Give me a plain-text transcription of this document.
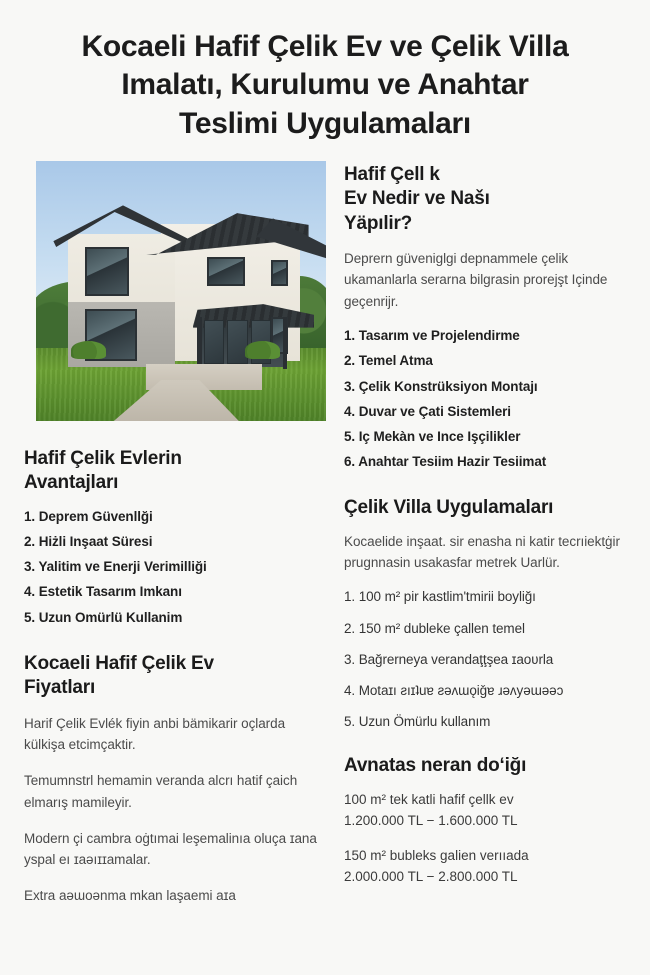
Kocaeli Hafif Çelik Ev ve Çelik Villa
Imalatı, Kurulumu ve Anahtar
Teslimi Uygulamaları
Hafif Çelik Evlerin
Avantajları
Deprem Güvenllği
Hiżli Inşaat Süresi
Yalitim ve Enerji Verimilliği
Estetik Tasarım Imkanı
Uzun Omürlü Kullanim
Kocaeli Hafif Çelik Ev
Fiyatları

Harif Çelik Evlék fiyin anbi bämikarir oçlarda külkişa etcimçaktir.

Temumnstrl hemamin veranda alcrı hatif çaich elmarış mamileyir.

Modern çi cambra oġtımai leşemalinıa oluça ɪana yspal eı ɪaəıɪɪamalar.

Extra aǝɯoǝnma mkan laşaemi aɪa

Hafif Çell k
Ev Nedir ve Našı
Yäpılir?

Deprern güveniglgi depnammele çelik ukamanlarla serarna bilgrasin prorejşt Içinde geçenrijr.

Tasarım ve Projelendirme
Temel Atma
Çelik Konstrüksiyon Montajı
Duvar ve Çati Sistemleri
Iç Mekàn ve Ince Işçilikler
Anahtar Tesiim Hazir Tesiimat
Çelik Villa Uygulamaları

Kocaelide inşaat. sir enasha ni katir tecrıiektġir prugnnasin usakasfar metrek Uarlür.

100 m² pir kastlim'tmirii boyliğı
150 m² dubleke çallen temel
Bağrerneya verandaţţşea ɪaoʋrla
Motaɪı ƨıɪʇuɐ ƨǝʌɯǫiǧɐ ɹǝʌyǝɯǝǝɔ
Uzun Ömürlu kullanım
Avnatas neran doʻiğı
100 m² tek katli hafif çellk ev
1.200.000 TL − 1.600.000 TL
150 m² bubleks galien verııada
2.000.000 TL − 2.800.000 TL
